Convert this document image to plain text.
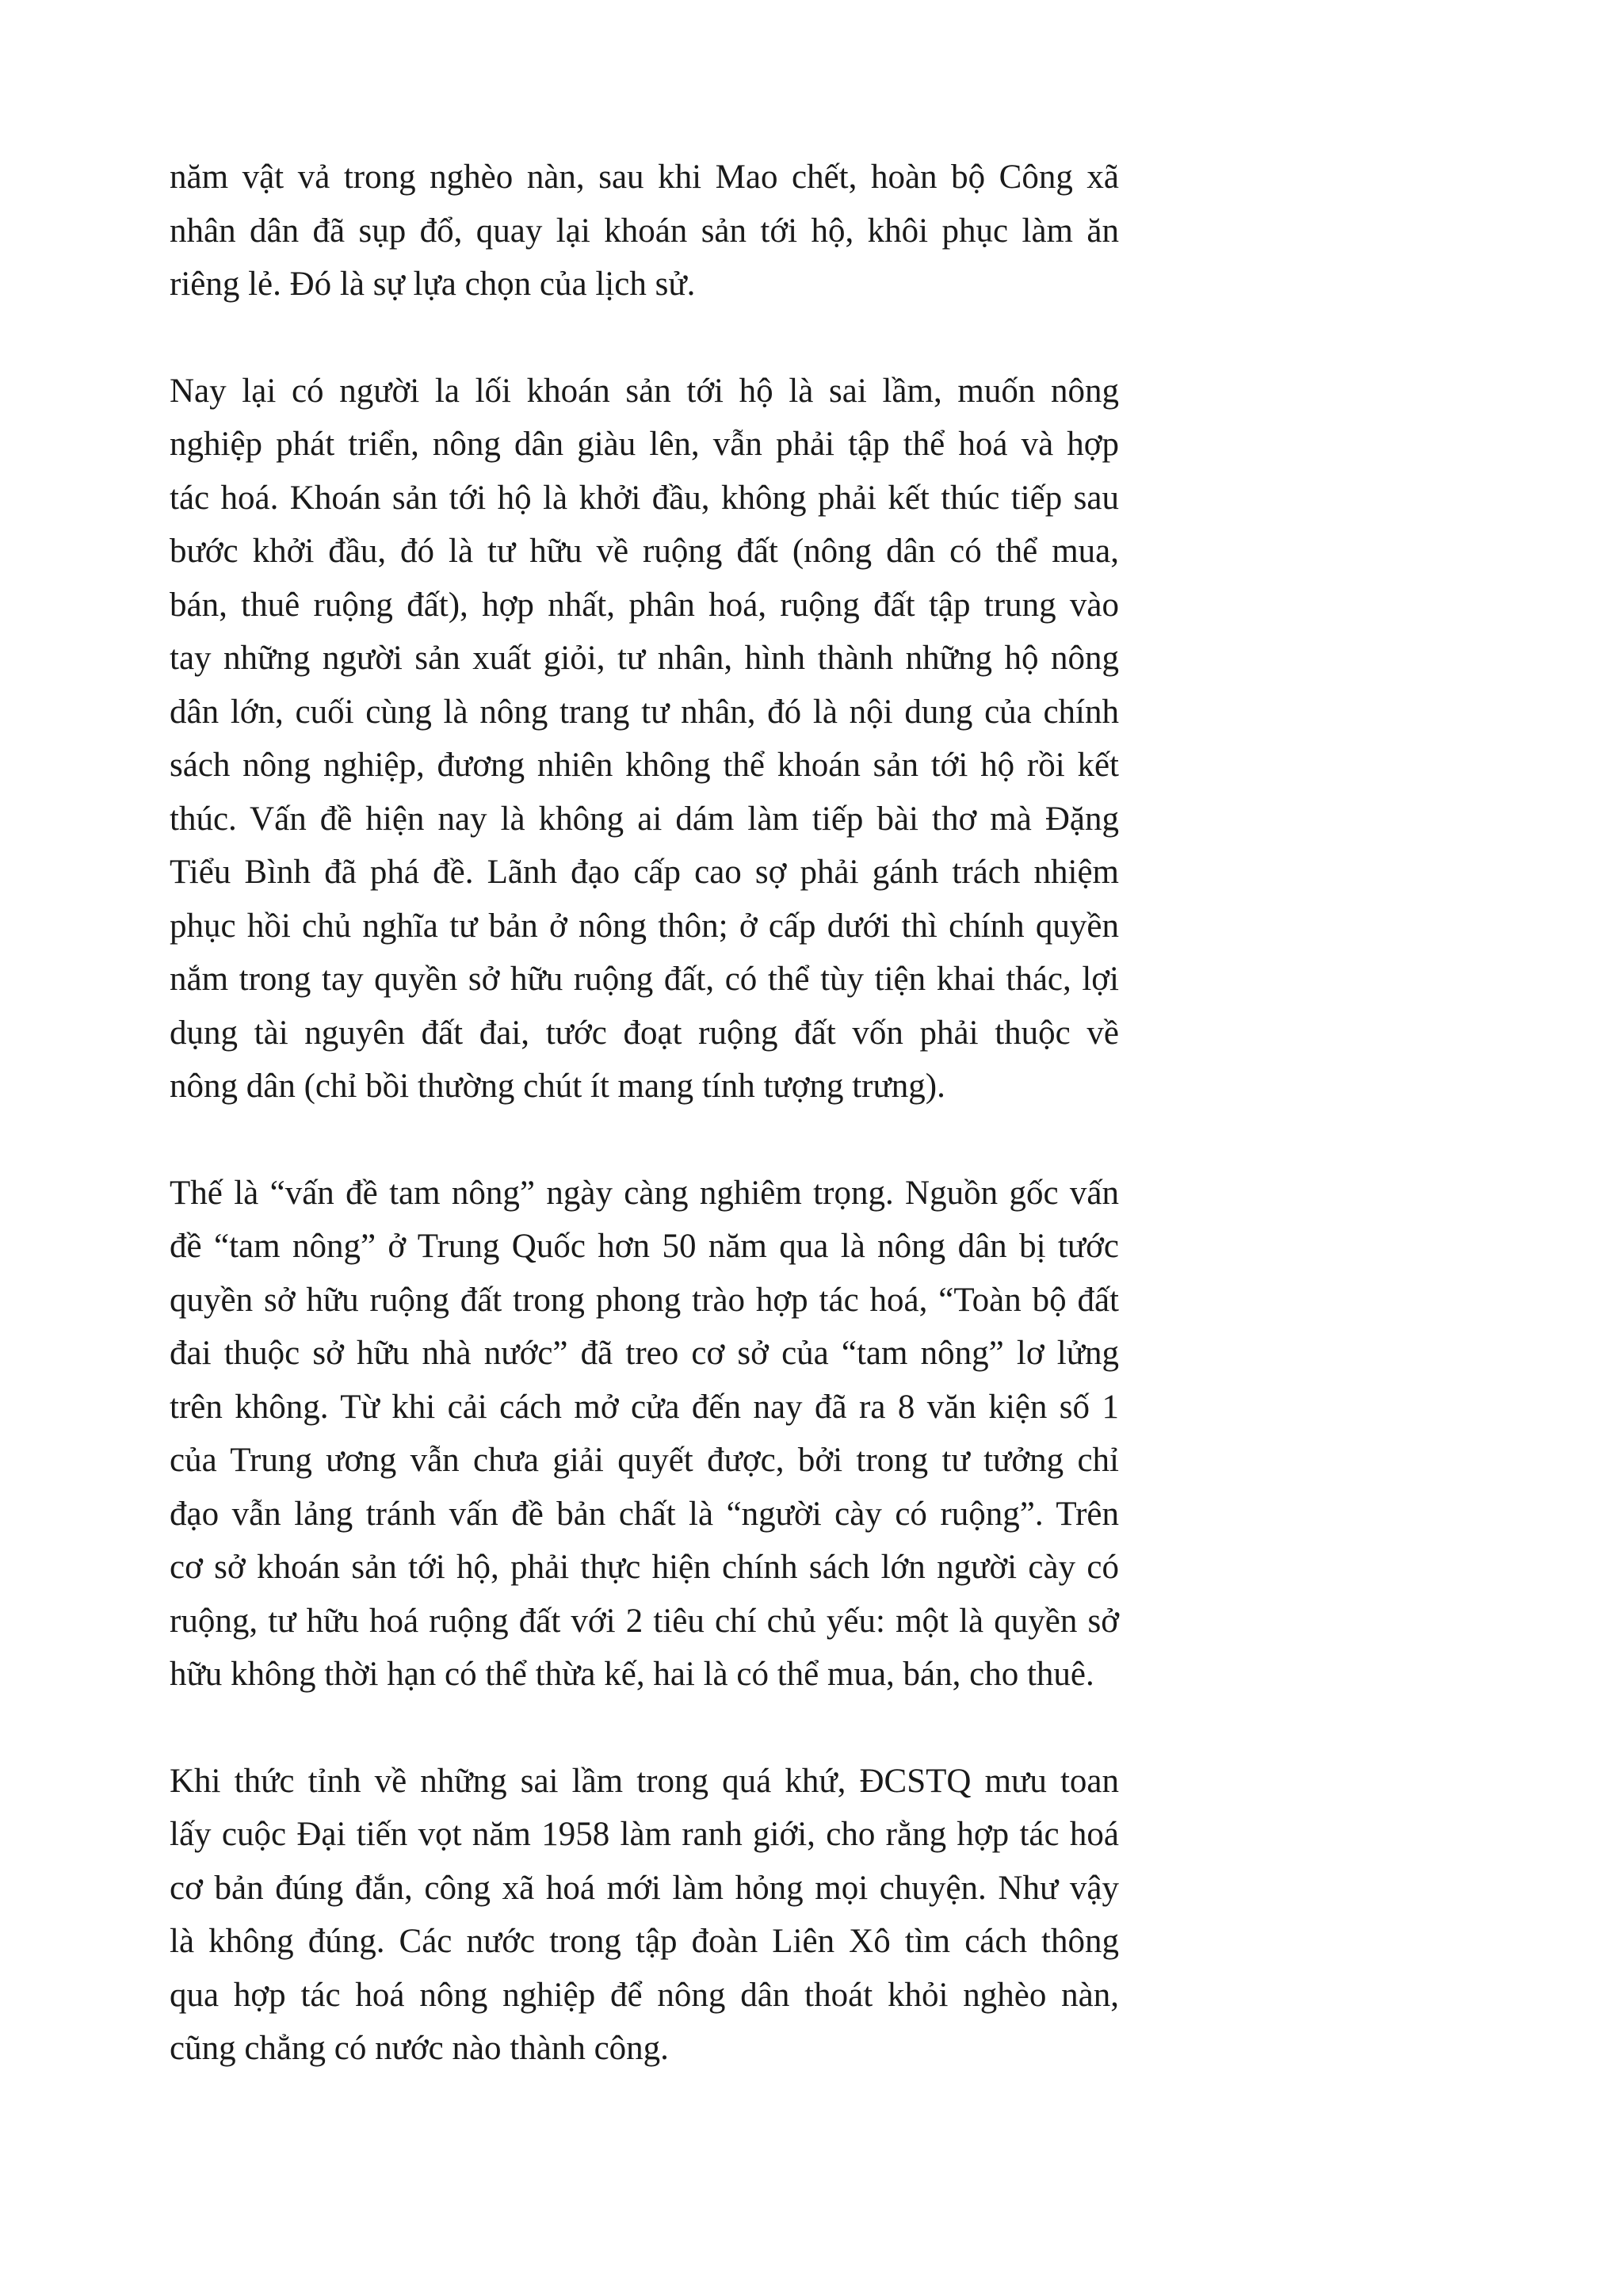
năm vật vả trong nghèo nàn, sau khi Mao chết, hoàn bộ Công xã
nhân dân đã sụp đổ, quay lại khoán sản tới hộ, khôi phục làm ăn
riêng lẻ. Đó là sự lựa chọn của lịch sử.
Nay lại có người la lối khoán sản tới hộ là sai lầm, muốn nông
nghiệp phát triển, nông dân giàu lên, vẫn phải tập thể hoá và hợp
tác hoá. Khoán sản tới hộ là khởi đầu, không phải kết thúc tiếp sau
bước khởi đầu, đó là tư hữu về ruộng đất (nông dân có thể mua,
bán, thuê ruộng đất), hợp nhất, phân hoá, ruộng đất tập trung vào
tay những người sản xuất giỏi, tư nhân, hình thành những hộ nông
dân lớn, cuối cùng là nông trang tư nhân, đó là nội dung của chính
sách nông nghiệp, đương nhiên không thể khoán sản tới hộ rồi kết
thúc. Vấn đề hiện nay là không ai dám làm tiếp bài thơ mà Đặng
Tiểu Bình đã phá đề. Lãnh đạo cấp cao sợ phải gánh trách nhiệm
phục hồi chủ nghĩa tư bản ở nông thôn; ở cấp dưới thì chính quyền
nắm trong tay quyền sở hữu ruộng đất, có thể tùy tiện khai thác, lợi
dụng tài nguyên đất đai, tước đoạt ruộng đất vốn phải thuộc về
nông dân (chỉ bồi thường chút ít mang tính tượng trưng).
Thế là “vấn đề tam nông” ngày càng nghiêm trọng. Nguồn gốc vấn
đề “tam nông” ở Trung Quốc hơn 50 năm qua là nông dân bị tước
quyền sở hữu ruộng đất trong phong trào hợp tác hoá, “Toàn bộ đất
đai thuộc sở hữu nhà nước” đã treo cơ sở của “tam nông” lơ lửng
trên không. Từ khi cải cách mở cửa đến nay đã ra 8 văn kiện số 1
của Trung ương vẫn chưa giải quyết được, bởi trong tư tưởng chỉ
đạo vẫn lảng tránh vấn đề bản chất là “người cày có ruộng”. Trên
cơ sở khoán sản tới hộ, phải thực hiện chính sách lớn người cày có
ruộng, tư hữu hoá ruộng đất với 2 tiêu chí chủ yếu: một là quyền sở
hữu không thời hạn có thể thừa kế, hai là có thể mua, bán, cho thuê.
Khi thức tỉnh về những sai lầm trong quá khứ, ĐCSTQ mưu toan
lấy cuộc Đại tiến vọt năm 1958 làm ranh giới, cho rằng hợp tác hoá
cơ bản đúng đắn, công xã hoá mới làm hỏng mọi chuyện. Như vậy
là không đúng. Các nước trong tập đoàn Liên Xô tìm cách thông
qua hợp tác hoá nông nghiệp để nông dân thoát khỏi nghèo nàn,
cũng chẳng có nước nào thành công.
